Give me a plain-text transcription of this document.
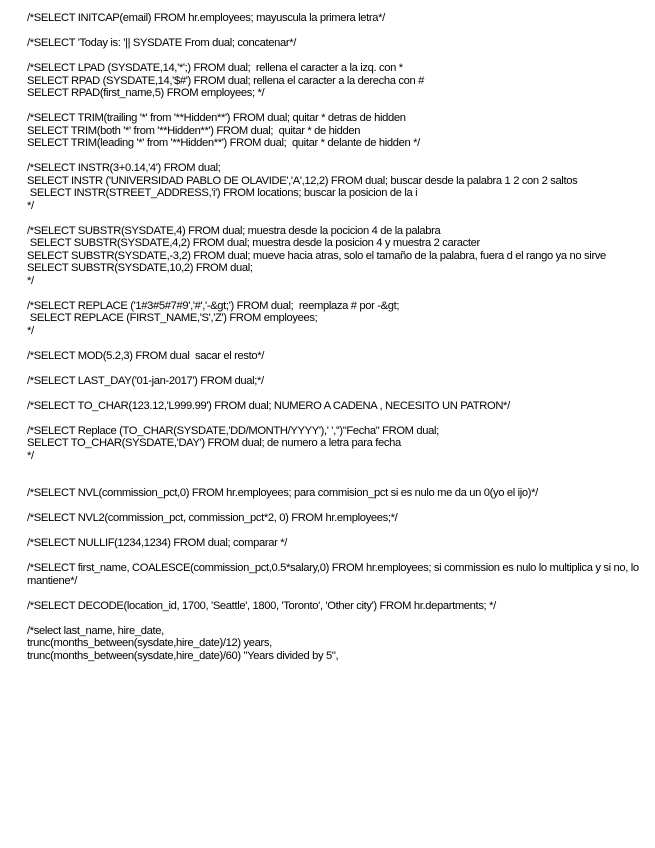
/*SELECT INITCAP(email) FROM hr.employees; mayuscula la primera letra*/
/*SELECT 'Today is: '|| SYSDATE From dual; concatenar*/
/*SELECT LPAD (SYSDATE,14,'*';) FROM dual;  rellena el caracter a la izq. con *
SELECT RPAD (SYSDATE,14,'$#') FROM dual; rellena el caracter a la derecha con #
SELECT RPAD(first_name,5) FROM employees; */
/*SELECT TRIM(trailing '*' from '**Hidden**') FROM dual; quitar * detras de hidden
SELECT TRIM(both '*' from '**Hidden**') FROM dual;  quitar * de hidden
SELECT TRIM(leading '*' from '**Hidden**') FROM dual;  quitar * delante de hidden */
/*SELECT INSTR(3+0.14,'4') FROM dual;
SELECT INSTR ('UNIVERSIDAD PABLO DE OLAVIDE','A',12,2) FROM dual; buscar desde la palabra 1 2 con 2 saltos
SELECT INSTR(STREET_ADDRESS,'i') FROM locations; buscar la posicion de la i
*/
/*SELECT SUBSTR(SYSDATE,4) FROM dual; muestra desde la pocicion 4 de la palabra
SELECT SUBSTR(SYSDATE,4,2) FROM dual; muestra desde la posicion 4 y muestra 2 caracter
SELECT SUBSTR(SYSDATE,-3,2) FROM dual; mueve hacia atras, solo el tamaño de la palabra, fuera d el rango ya no sirve
SELECT SUBSTR(SYSDATE,10,2) FROM dual;
*/
/*SELECT REPLACE ('1#3#5#7#9','#','-&gt;') FROM dual;  reemplaza # por -&gt;
SELECT REPLACE (FIRST_NAME,'S','Z') FROM employees;
*/
/*SELECT MOD(5.2,3) FROM dual  sacar el resto*/
/*SELECT LAST_DAY('01-jan-2017') FROM dual;*/
/*SELECT TO_CHAR(123.12,'L999.99') FROM dual; NUMERO A CADENA , NECESITO UN PATRON*/
/*SELECT Replace (TO_CHAR(SYSDATE,'DD/MONTH/YYYY'),' ','')"Fecha" FROM dual;
SELECT TO_CHAR(SYSDATE,'DAY') FROM dual; de numero a letra para fecha
*/
/*SELECT NVL(commission_pct,0) FROM hr.employees; para commision_pct si es nulo me da un 0(yo el ijo)*/
/*SELECT NVL2(commission_pct, commission_pct*2, 0) FROM hr.employees;*/
/*SELECT NULLIF(1234,1234) FROM dual; comparar */
/*SELECT first_name, COALESCE(commission_pct,0.5*salary,0) FROM hr.employees; si commission es nulo lo multiplica y si no, lo mantiene*/
/*SELECT DECODE(location_id, 1700, 'Seattle', 1800, 'Toronto', 'Other city') FROM hr.departments; */
/*select last_name, hire_date,
trunc(months_between(sysdate,hire_date)/12) years,
trunc(months_between(sysdate,hire_date)/60) "Years divided by 5",
